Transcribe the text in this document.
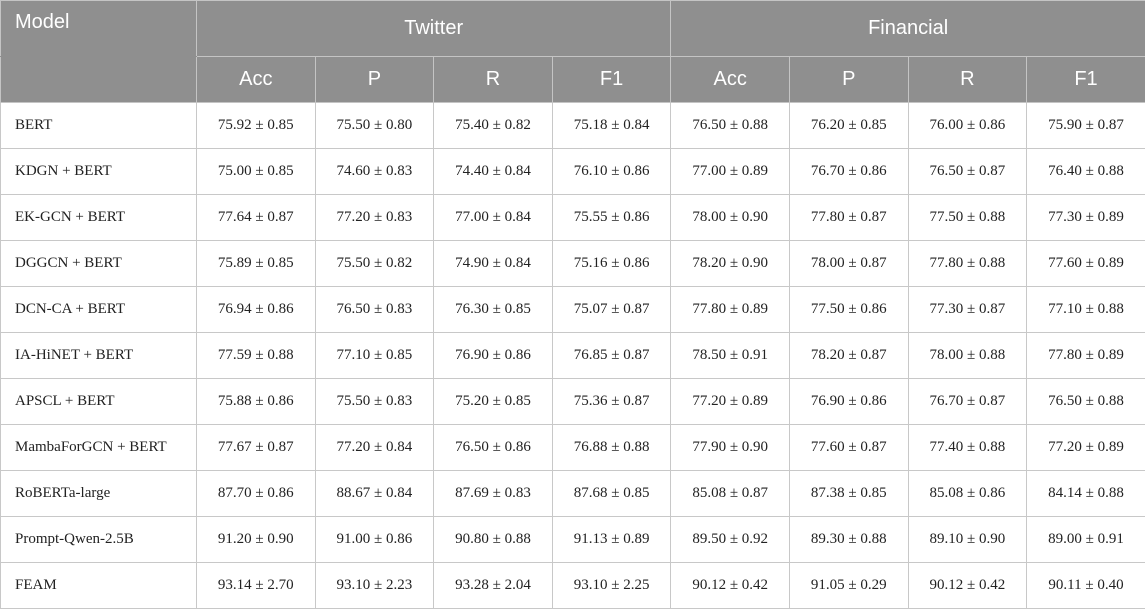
Model	Twitter				Financial			
	Acc	P	R	F1	Acc	P	R	F1
BERT	75.92 ± 0.85	75.50 ± 0.80	75.40 ± 0.82	75.18 ± 0.84	76.50 ± 0.88	76.20 ± 0.85	76.00 ± 0.86	75.90 ± 0.87
KDGN + BERT	75.00 ± 0.85	74.60 ± 0.83	74.40 ± 0.84	76.10 ± 0.86	77.00 ± 0.89	76.70 ± 0.86	76.50 ± 0.87	76.40 ± 0.88
EK-GCN + BERT	77.64 ± 0.87	77.20 ± 0.83	77.00 ± 0.84	75.55 ± 0.86	78.00 ± 0.90	77.80 ± 0.87	77.50 ± 0.88	77.30 ± 0.89
DGGCN + BERT	75.89 ± 0.85	75.50 ± 0.82	74.90 ± 0.84	75.16 ± 0.86	78.20 ± 0.90	78.00 ± 0.87	77.80 ± 0.88	77.60 ± 0.89
DCN-CA + BERT	76.94 ± 0.86	76.50 ± 0.83	76.30 ± 0.85	75.07 ± 0.87	77.80 ± 0.89	77.50 ± 0.86	77.30 ± 0.87	77.10 ± 0.88
IA-HiNET + BERT	77.59 ± 0.88	77.10 ± 0.85	76.90 ± 0.86	76.85 ± 0.87	78.50 ± 0.91	78.20 ± 0.87	78.00 ± 0.88	77.80 ± 0.89
APSCL + BERT	75.88 ± 0.86	75.50 ± 0.83	75.20 ± 0.85	75.36 ± 0.87	77.20 ± 0.89	76.90 ± 0.86	76.70 ± 0.87	76.50 ± 0.88
MambaForGCN + BERT	77.67 ± 0.87	77.20 ± 0.84	76.50 ± 0.86	76.88 ± 0.88	77.90 ± 0.90	77.60 ± 0.87	77.40 ± 0.88	77.20 ± 0.89
RoBERTa-large	87.70 ± 0.86	88.67 ± 0.84	87.69 ± 0.83	87.68 ± 0.85	85.08 ± 0.87	87.38 ± 0.85	85.08 ± 0.86	84.14 ± 0.88
Prompt-Qwen-2.5B	91.20 ± 0.90	91.00 ± 0.86	90.80 ± 0.88	91.13 ± 0.89	89.50 ± 0.92	89.30 ± 0.88	89.10 ± 0.90	89.00 ± 0.91
FEAM	93.14 ± 2.70	93.10 ± 2.23	93.28 ± 2.04	93.10 ± 2.25	90.12 ± 0.42	91.05 ± 0.29	90.12 ± 0.42	90.11 ± 0.40
